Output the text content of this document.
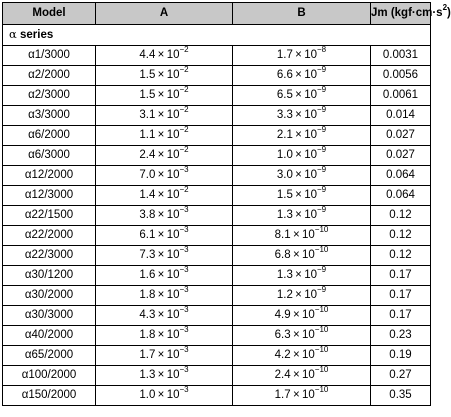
Model	A	B	Jm $(kgf\cdot cm\cdot s^2)$
α series			
α1/3000	$4.4 \times 10^{-2}$	$1.7 \times 10^{-8}$	0.0031
α2/2000	$1.5 \times 10^{-2}$	$6.6 \times 10^{-9}$	0.0056
α2/3000	$1.5 \times 10^{-2}$	$6.5 \times 10^{-9}$	0.0061
α3/3000	$3.1 \times 10^{-2}$	$3.3 \times 10^{-9}$	0.014
α6/2000	$1.1 \times 10^{-2}$	$2.1 \times 10^{-9}$	0.027
α6/3000	$2.4 \times 10^{-2}$	$1.0 \times 10^{-9}$	0.027
α12/2000	$7.0 \times 10^{-3}$	$3.0 \times 10^{-9}$	0.064
α12/3000	$1.4 \times 10^{-2}$	$1.5 \times 10^{-9}$	0.064
α22/1500	$3.8 \times 10^{-3}$	$1.3 \times 10^{-9}$	0.12
α22/2000	$6.1 \times 10^{-3}$	$8.1 \times 10^{-10}$	0.12
α22/3000	$7.3 \times 10^{-3}$	$6.8 \times 10^{-10}$	0.12
α30/1200	$1.6 \times 10^{-3}$	$1.3 \times 10^{-9}$	0.17
α30/2000	$1.8 \times 10^{-3}$	$1.2 \times 10^{-9}$	0.17
α30/3000	$4.3 \times 10^{-3}$	$4.9 \times 10^{-10}$	0.17
α40/2000	$1.8 \times 10^{-3}$	$6.3 \times 10^{-10}$	0.23
α65/2000	$1.7 \times 10^{-3}$	$4.2 \times 10^{-10}$	0.19
α100/2000	$1.3 \times 10^{-3}$	$2.4 \times 10^{-10}$	0.27
α150/2000	$1.0 \times 10^{-3}$	$1.7 \times 10^{-10}$	0.35
